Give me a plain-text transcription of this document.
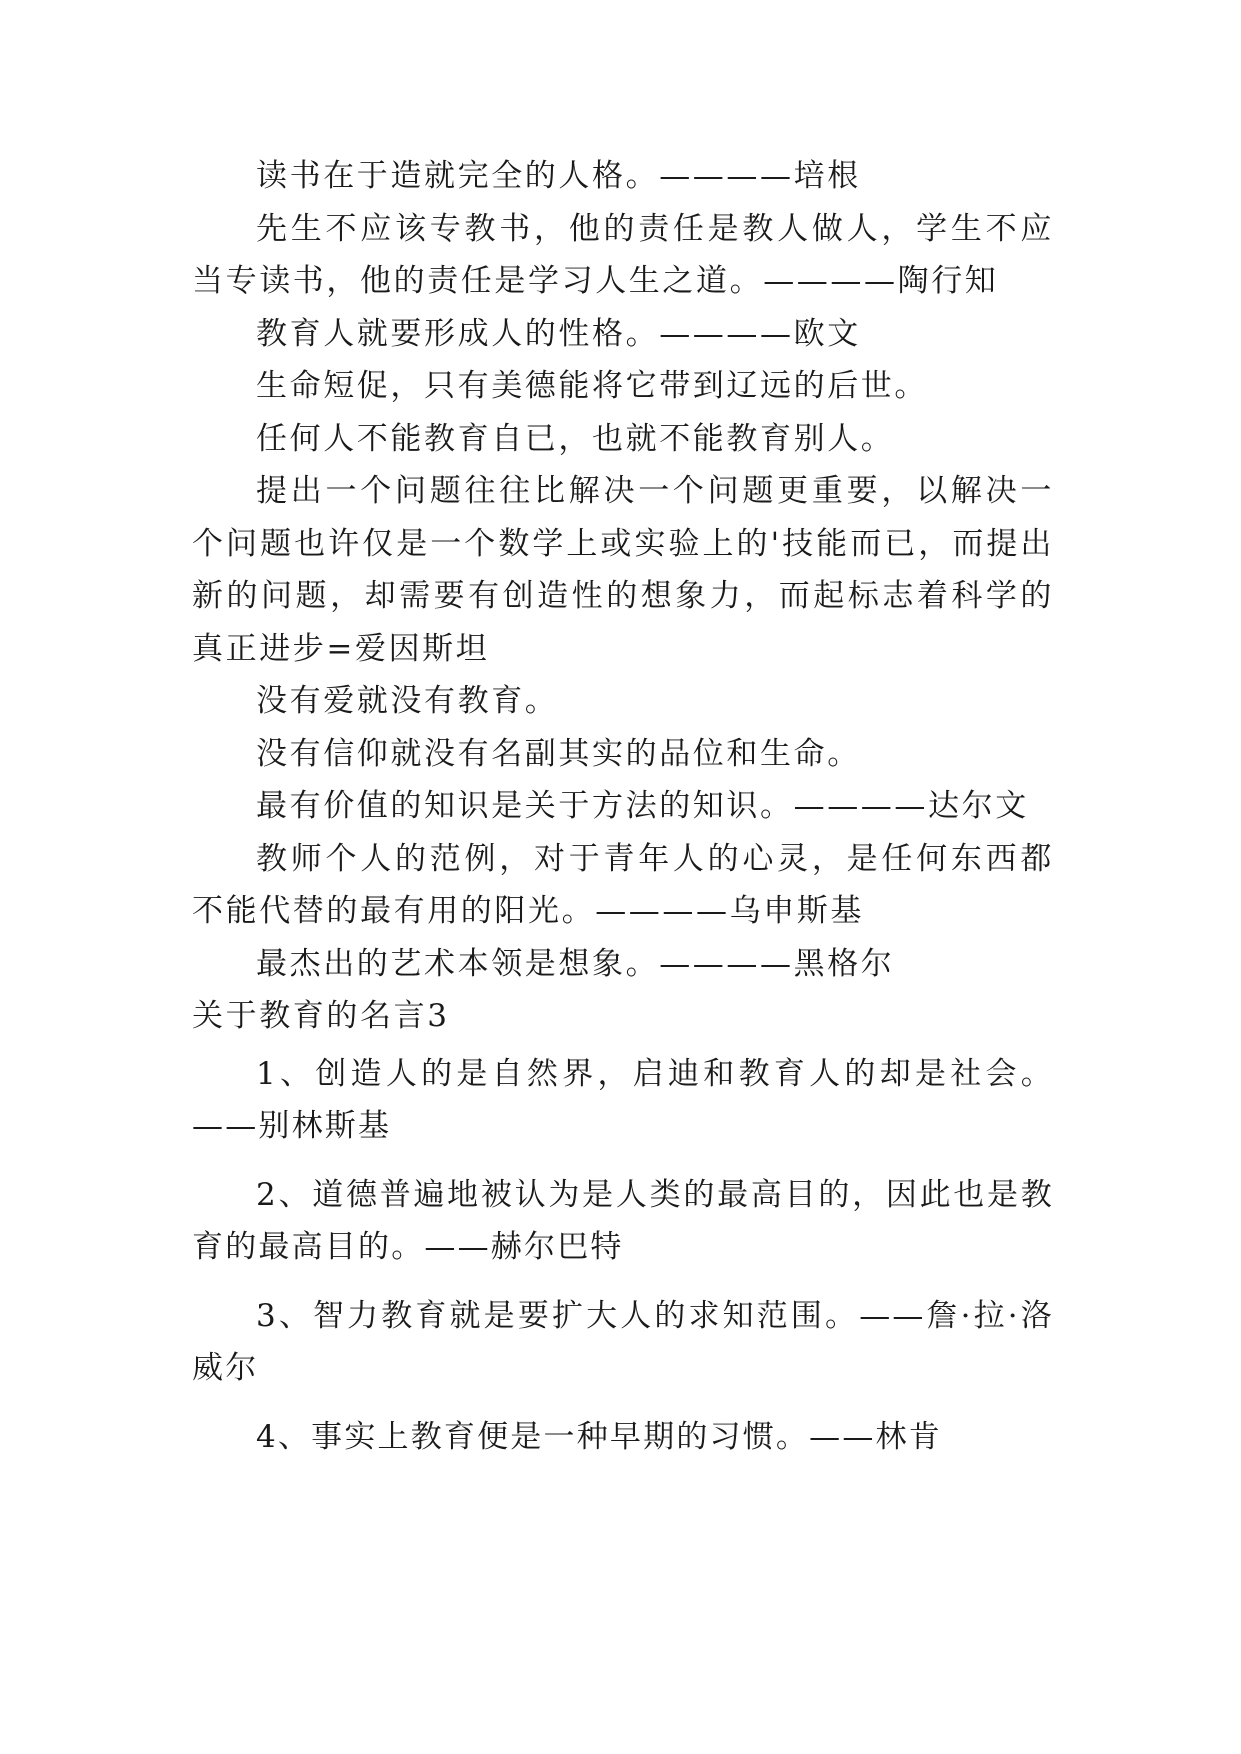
读书在于造就完全的人格。————培根

先生不应该专教书，他的责任是教人做人，学生不应当专读书，他的责任是学习人生之道。————陶行知

教育人就要形成人的性格。————欧文

生命短促，只有美德能将它带到辽远的后世。

任何人不能教育自已，也就不能教育别人。

提出一个问题往往比解决一个问题更重要，以解决一个问题也许仅是一个数学上或实验上的'技能而已，而提出新的问题，却需要有创造性的想象力，而起标志着科学的真正进步=爱因斯坦

没有爱就没有教育。

没有信仰就没有名副其实的品位和生命。

最有价值的知识是关于方法的知识。————达尔文

教师个人的范例，对于青年人的心灵，是任何东西都不能代替的最有用的阳光。————乌申斯基

最杰出的艺术本领是想象。————黑格尔

关于教育的名言3

1、创造人的是自然界，启迪和教育人的却是社会。——别林斯基

2、道德普遍地被认为是人类的最高目的，因此也是教育的最高目的。——赫尔巴特

3、智力教育就是要扩大人的求知范围。——詹·拉·洛威尔

4、事实上教育便是一种早期的习惯。——林肯
